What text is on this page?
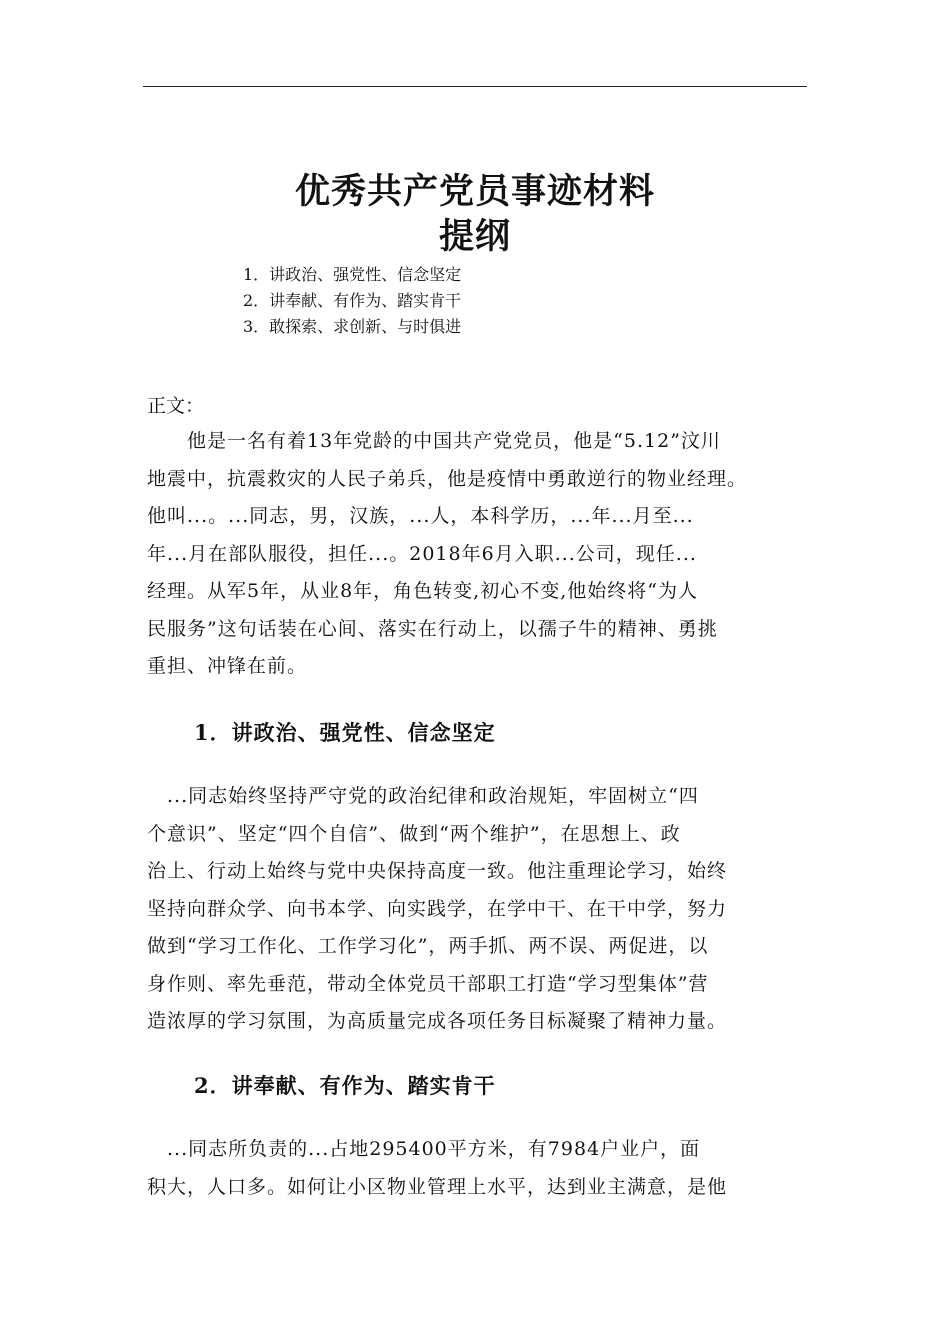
优秀共产党员事迹材料
提纲
1．讲政治、强党性、信念坚定
2．讲奉献、有作为、踏实肯干
3．敢探索、求创新、与时俱进
正文：

　　他是一名有着13年党龄的中国共产党党员，他是“5.12”汶川
地震中，抗震救灾的人民子弟兵，他是疫情中勇敢逆行的物业经理。
他叫...。...同志，男，汉族，...人，本科学历，...年...月至...
年...月在部队服役，担任...。2018年6月入职...公司，现任...
经理。从军5年，从业8年，角色转变,初心不变,他始终将“为人
民服务”这句话装在心间、落实在行动上，以孺子牛的精神、勇挑
重担、冲锋在前。

1．讲政治、强党性、信念坚定

　...同志始终坚持严守党的政治纪律和政治规矩，牢固树立“四
个意识”、坚定“四个自信”、做到“两个维护”，在思想上、政
治上、行动上始终与党中央保持高度一致。他注重理论学习，始终
坚持向群众学、向书本学、向实践学，在学中干、在干中学，努力
做到“学习工作化、工作学习化”，两手抓、两不误、两促进，以
身作则、率先垂范，带动全体党员干部职工打造“学习型集体”营
造浓厚的学习氛围，为高质量完成各项任务目标凝聚了精神力量。

2．讲奉献、有作为、踏实肯干

　...同志所负责的...占地295400平方米，有7984户业户，面
积大，人口多。如何让小区物业管理上水平，达到业主满意，是他
